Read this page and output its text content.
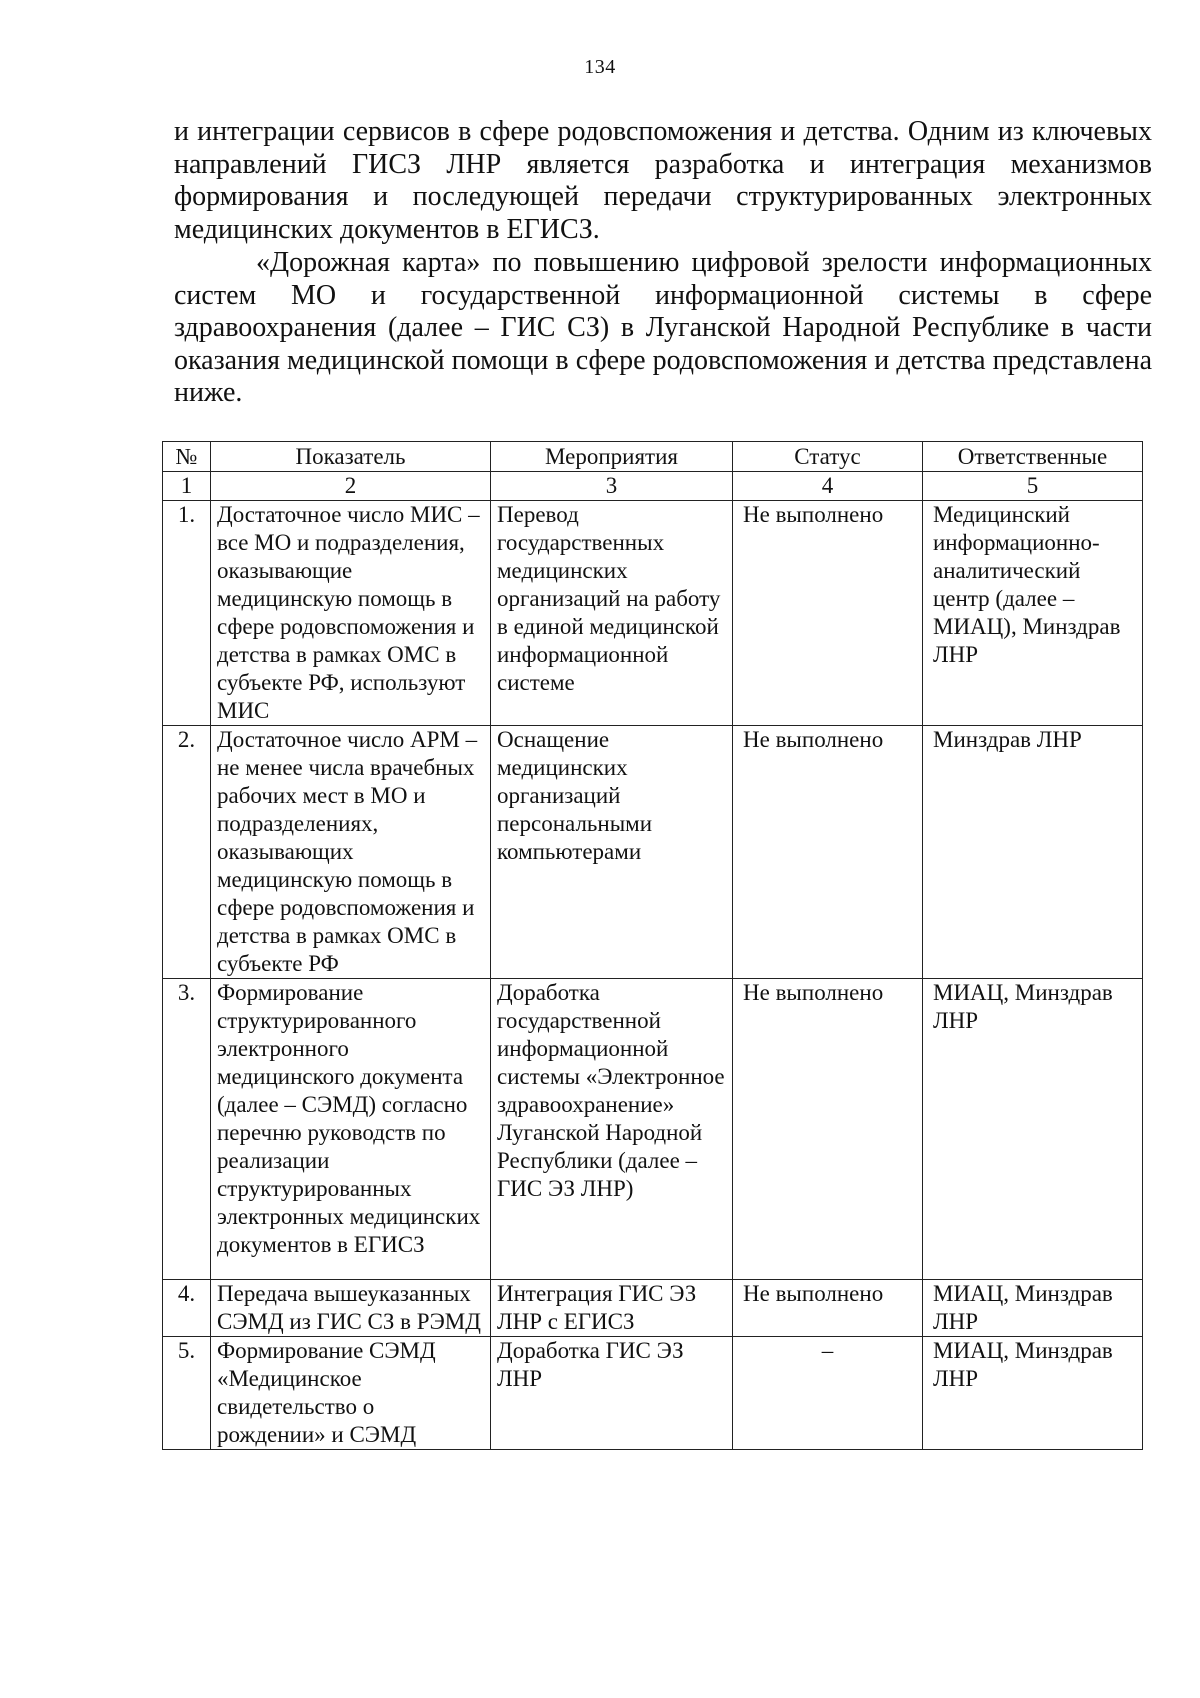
134
и интеграции сервисов в сфере родовспоможения и детства. Одним из ключевых направлений ГИСЗ ЛНР является разработка и интеграция механизмов формирования и последующей передачи структурированных электронных медицинских документов в ЕГИСЗ.
«Дорожная карта» по повышению цифровой зрелости информационных систем МО и государственной информационной системы в сфере здравоохранения (далее – ГИС СЗ) в Луганской Народной Республике в части оказания медицинской помощи в сфере родовспоможения и детства представлена ниже.
№	Показатель	Мероприятия	Статус	Ответственные
1	2	3	4	5
1.	Достаточное число МИС – все МО и подразделения, оказывающие медицинскую помощь в сфере родовспоможения и детства в рамках ОМС в субъекте РФ, используют МИС	Перевод государственных медицинских организаций на работу в единой медицинской информационной системе	Не выполнено	Медицинский информационно-аналитический центр (далее – МИАЦ), Минздрав ЛНР
2.	Достаточное число АРМ – не менее числа врачебных рабочих мест в МО и подразделениях, оказывающих медицинскую помощь в сфере родовспоможения и детства в рамках ОМС в субъекте РФ	Оснащение медицинских организаций персональными компьютерами	Не выполнено	Минздрав ЛНР
3.	Формирование структурированного электронного медицинского документа (далее – СЭМД) согласно перечню руководств по реализации структурированных электронных медицинских документов в ЕГИСЗ	Доработка государственной информационной системы «Электронное здравоохранение» Луганской Народной Республики (далее – ГИС ЭЗ ЛНР)	Не выполнено	МИАЦ, Минздрав ЛНР
4.	Передача вышеуказанных СЭМД из ГИС СЗ в РЭМД	Интеграция ГИС ЭЗ ЛНР с ЕГИСЗ	Не выполнено	МИАЦ, Минздрав ЛНР
5.	Формирование СЭМД «Медицинское свидетельство о рождении» и СЭМД	Доработка ГИС ЭЗ ЛНР	–	МИАЦ, Минздрав ЛНР
